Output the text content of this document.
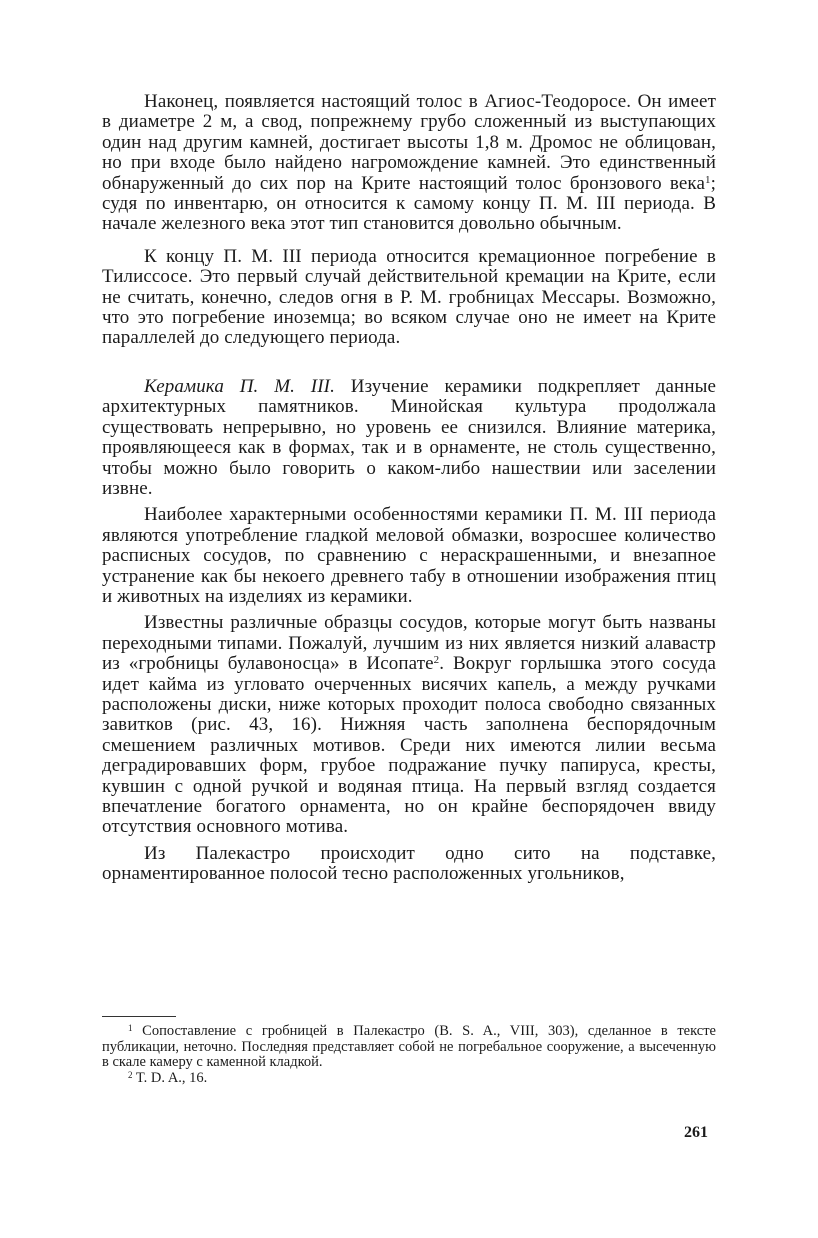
Наконец, появляется настоящий толос в Агиос-Теодоросе. Он имеет в диаметре 2 м, а свод, попрежнему грубо сложенный из выступающих один над другим камней, достигает высоты 1,8 м. Дромос не облицован, но при входе было найдено нагромождение камней. Это единственный обнаруженный до сих пор на Крите настоящий толос бронзового века$^1$; судя по инвентарю, он относится к самому концу П. М. III периода. В начале железного века этот тип становится довольно обычным.

К концу П. М. III периода относится кремационное погребение в Тилиссосе. Это первый случай действительной кремации на Крите, если не считать, конечно, следов огня в Р. М. гробницах Мессары. Возможно, что это погребение иноземца; во всяком случае оно не имеет на Крите параллелей до следующего периода.

Керамика П. М. III. Изучение керамики подкрепляет данные архитектурных памятников. Минойская культура продолжала существовать непрерывно, но уровень ее снизился. Влияние материка, проявляющееся как в формах, так и в орнаменте, не столь существенно, чтобы можно было говорить о каком-либо нашествии или заселении извне.

Наиболее характерными особенностями керамики П. М. III периода являются употребление гладкой меловой обмазки, возросшее количество расписных сосудов, по сравнению с нераскрашенными, и внезапное устранение как бы некоего древнего табу в отношении изображения птиц и животных на изделиях из керамики.

Известны различные образцы сосудов, которые могут быть названы переходными типами. Пожалуй, лучшим из них является низкий алавастр из «гробницы булавоносца» в Исопате$^2$. Вокруг горлышка этого сосуда идет кайма из угловато очерченных висячих капель, а между ручками расположены диски, ниже которых проходит полоса свободно связанных завитков (рис. 43, 16). Нижняя часть заполнена беспорядочным смешением различных мотивов. Среди них имеются лилии весьма деградировавших форм, грубое подражание пучку папируса, кресты, кувшин с одной ручкой и водяная птица. На первый взгляд создается впечатление богатого орнамента, но он крайне беспорядочен ввиду отсутствия основного мотива.

Из Палекастро происходит одно сито на подставке, орнаментированное полосой тесно расположенных угольников,

$^1$ Сопоставление с гробницей в Палекастро (B. S. A., VIII, 303), сделанное в тексте публикации, неточно. Последняя представляет собой не погребальное сооружение, а высеченную в скале камеру с каменной кладкой.

$^2$ T. D. A., 16.

261
